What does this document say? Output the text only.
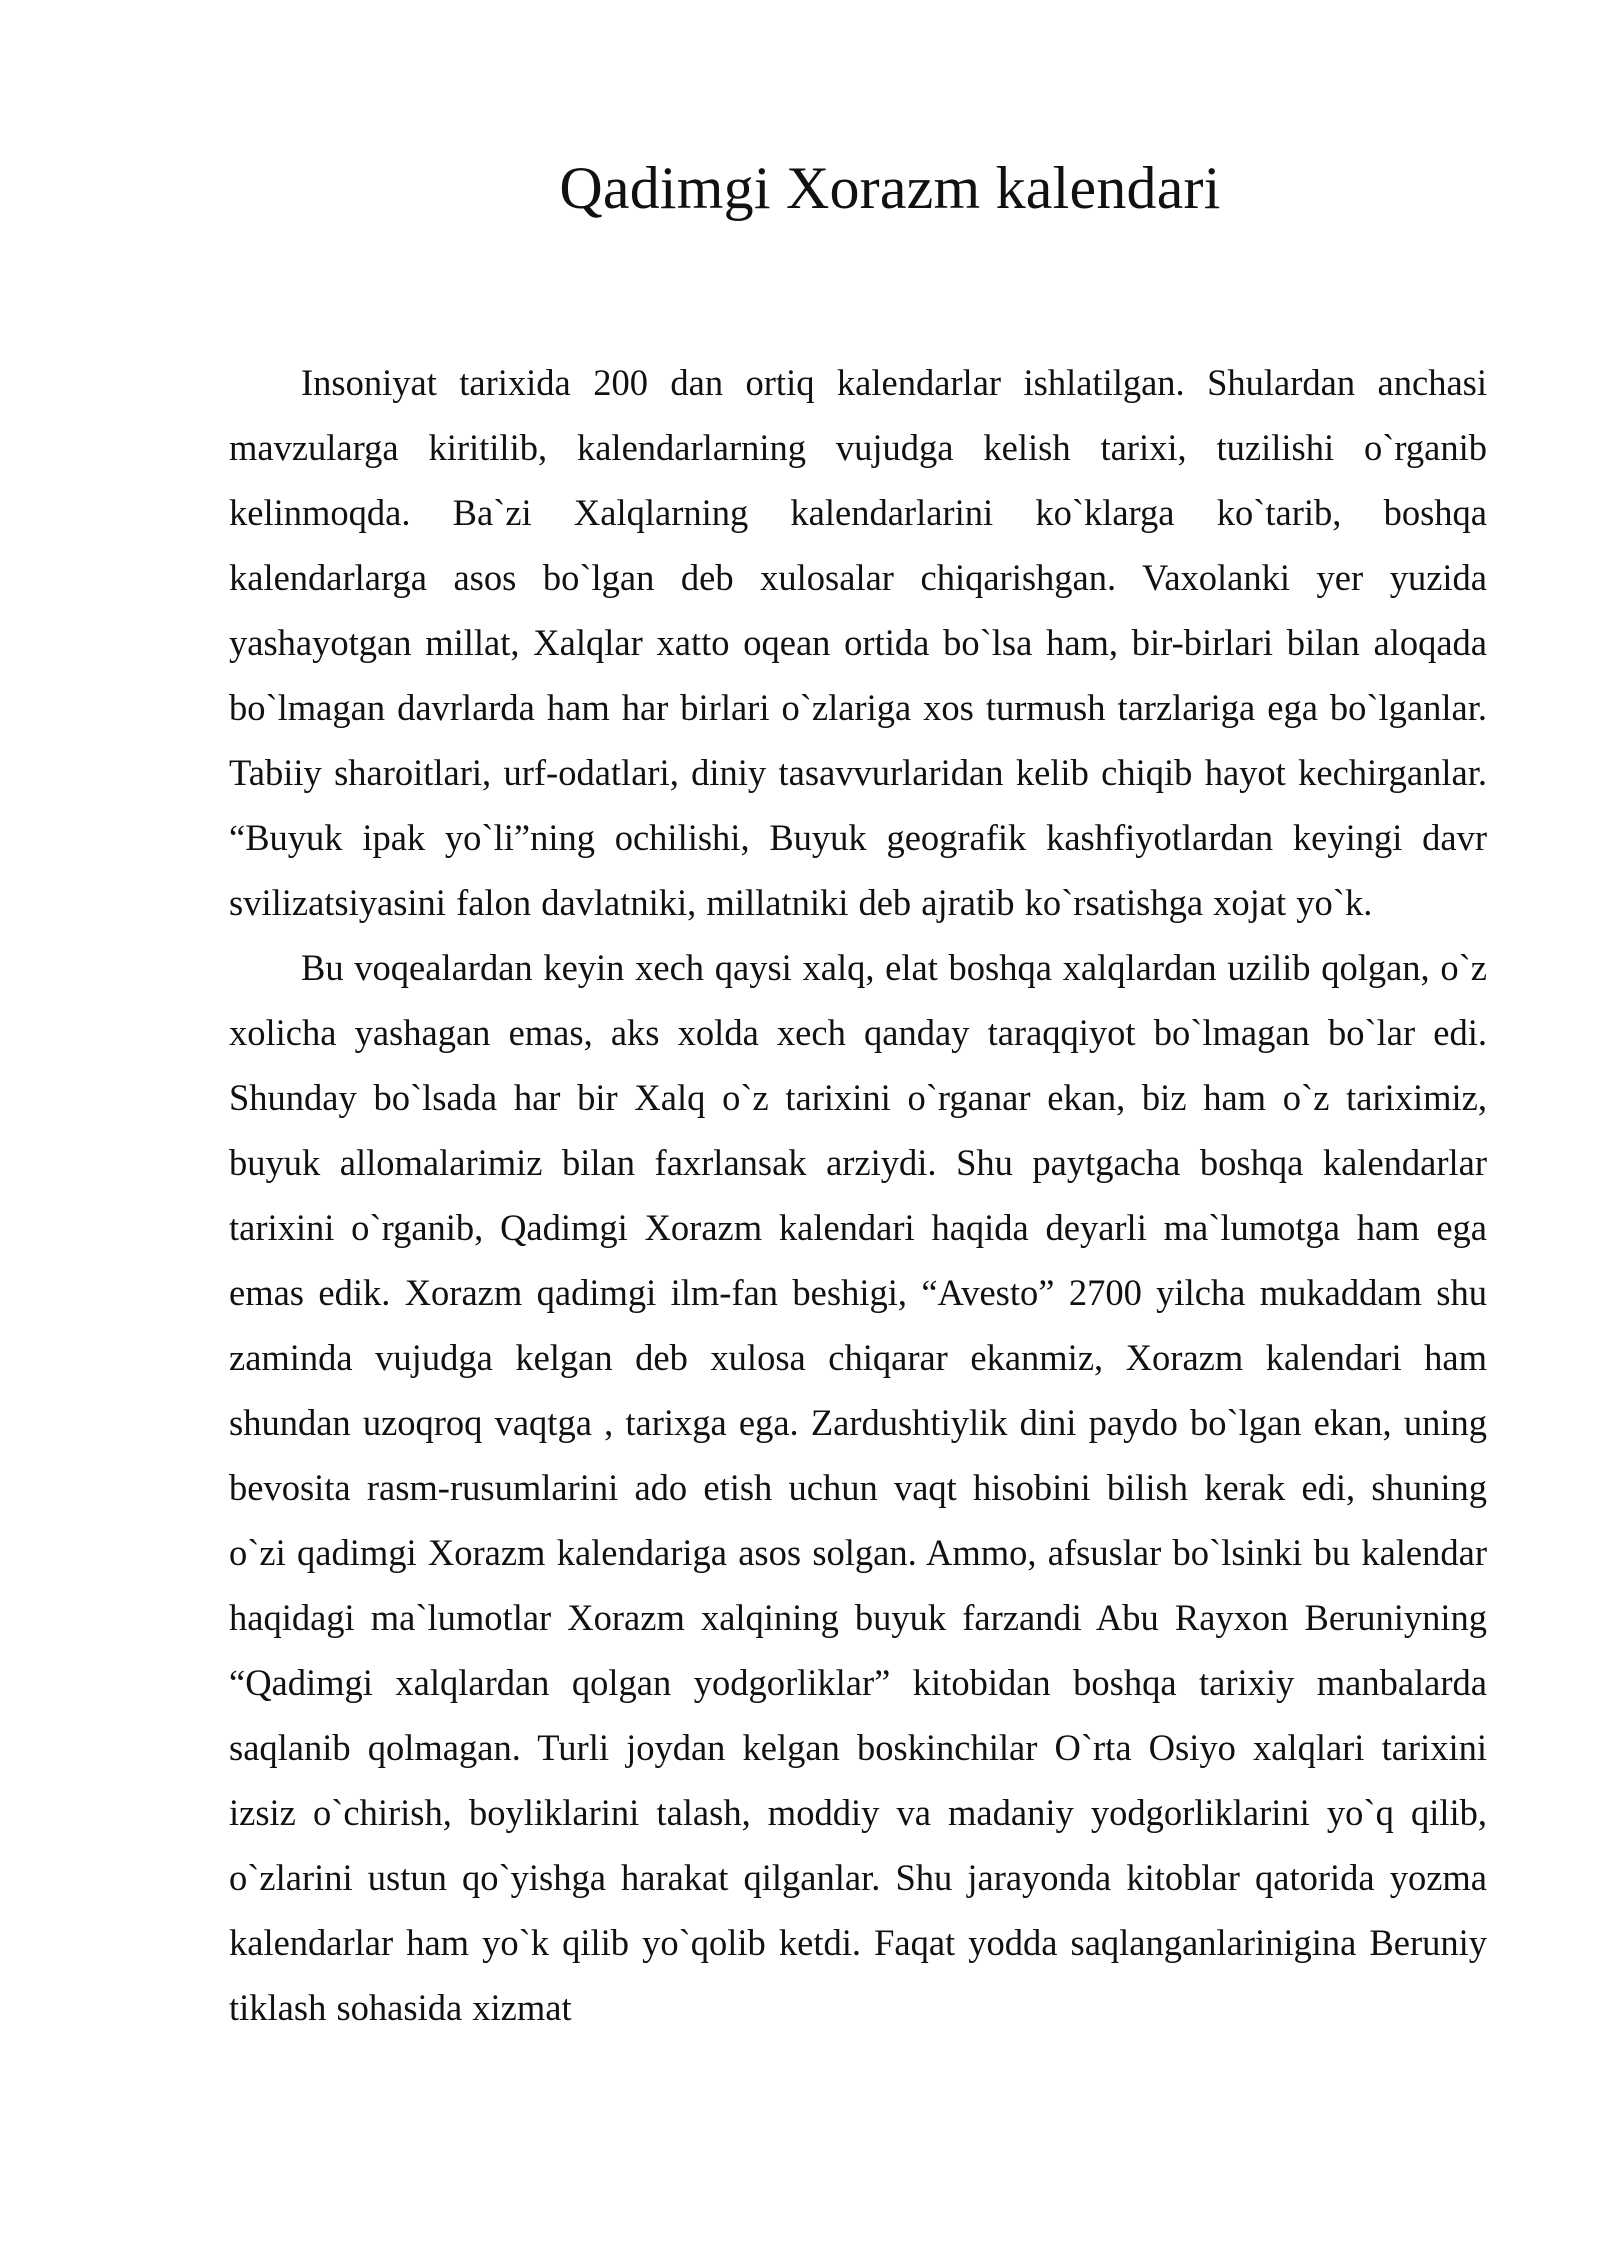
Qadimgi Xorazm kalendari

Insoniyat tarixida 200 dan ortiq kalendarlar ishlatilgan. Shulardan anchasi mavzularga kiritilib, kalendarlarning vujudga kelish tarixi, tuzilishi o`rganib kelinmoqda. Ba`zi Xalqlarning kalendarlarini ko`klarga ko`tarib, boshqa kalendarlarga asos bo`lgan deb xulosalar chiqarishgan. Vaxolanki yer yuzida yashayotgan millat, Xalqlar xatto oqean ortida bo`lsa ham, bir-birlari bilan aloqada bo`lmagan davrlarda ham har birlari o`zlariga xos turmush tarzlariga ega bo`lganlar. Tabiiy sharoitlari, urf-odatlari, diniy tasavvurlaridan kelib chiqib hayot kechirganlar. “Buyuk ipak yo`li”ning ochilishi, Buyuk geografik kashfiyotlardan keyingi davr svilizatsiyasini falon davlatniki, millatniki deb ajratib ko`rsatishga xojat yo`k.

Bu voqealardan keyin xech qaysi xalq, elat boshqa xalqlardan uzilib qolgan, o`z xolicha yashagan emas, aks xolda xech qanday taraqqiyot bo`lmagan bo`lar edi. Shunday bo`lsada har bir Xalq o`z tarixini o`rganar ekan, biz ham o`z tariximiz, buyuk allomalarimiz bilan faxrlansak arziydi. Shu paytgacha boshqa kalendarlar tarixini o`rganib, Qadimgi Xorazm kalendari haqida deyarli ma`lumotga ham ega emas edik. Xorazm qadimgi ilm-fan beshigi, “Avesto” 2700 yilcha mukaddam shu zaminda vujudga kelgan deb xulosa chiqarar ekanmiz, Xorazm kalendari ham shundan uzoqroq vaqtga , tarixga ega. Zardushtiylik dini paydo bo`lgan ekan, uning bevosita rasm-rusumlarini ado etish uchun vaqt hisobini bilish kerak edi, shuning o`zi qadimgi Xorazm kalendariga asos solgan. Ammo, afsuslar bo`lsinki bu kalendar haqidagi ma`lumotlar Xorazm xalqining buyuk farzandi Abu Rayxon Beruniyning “Qadimgi xalqlardan qolgan yodgorliklar” kitobidan boshqa tarixiy manbalarda saqlanib qolmagan. Turli joydan kelgan boskinchilar O`rta Osiyo xalqlari tarixini izsiz o`chirish, boyliklarini talash, moddiy va madaniy yodgorliklarini yo`q qilib, o`zlarini ustun qo`yishga harakat qilganlar. Shu jarayonda kitoblar qatorida yozma kalendarlar ham yo`k qilib yo`qolib ketdi. Faqat yodda saqlanganlarinigina Beruniy tiklash sohasida xizmat
